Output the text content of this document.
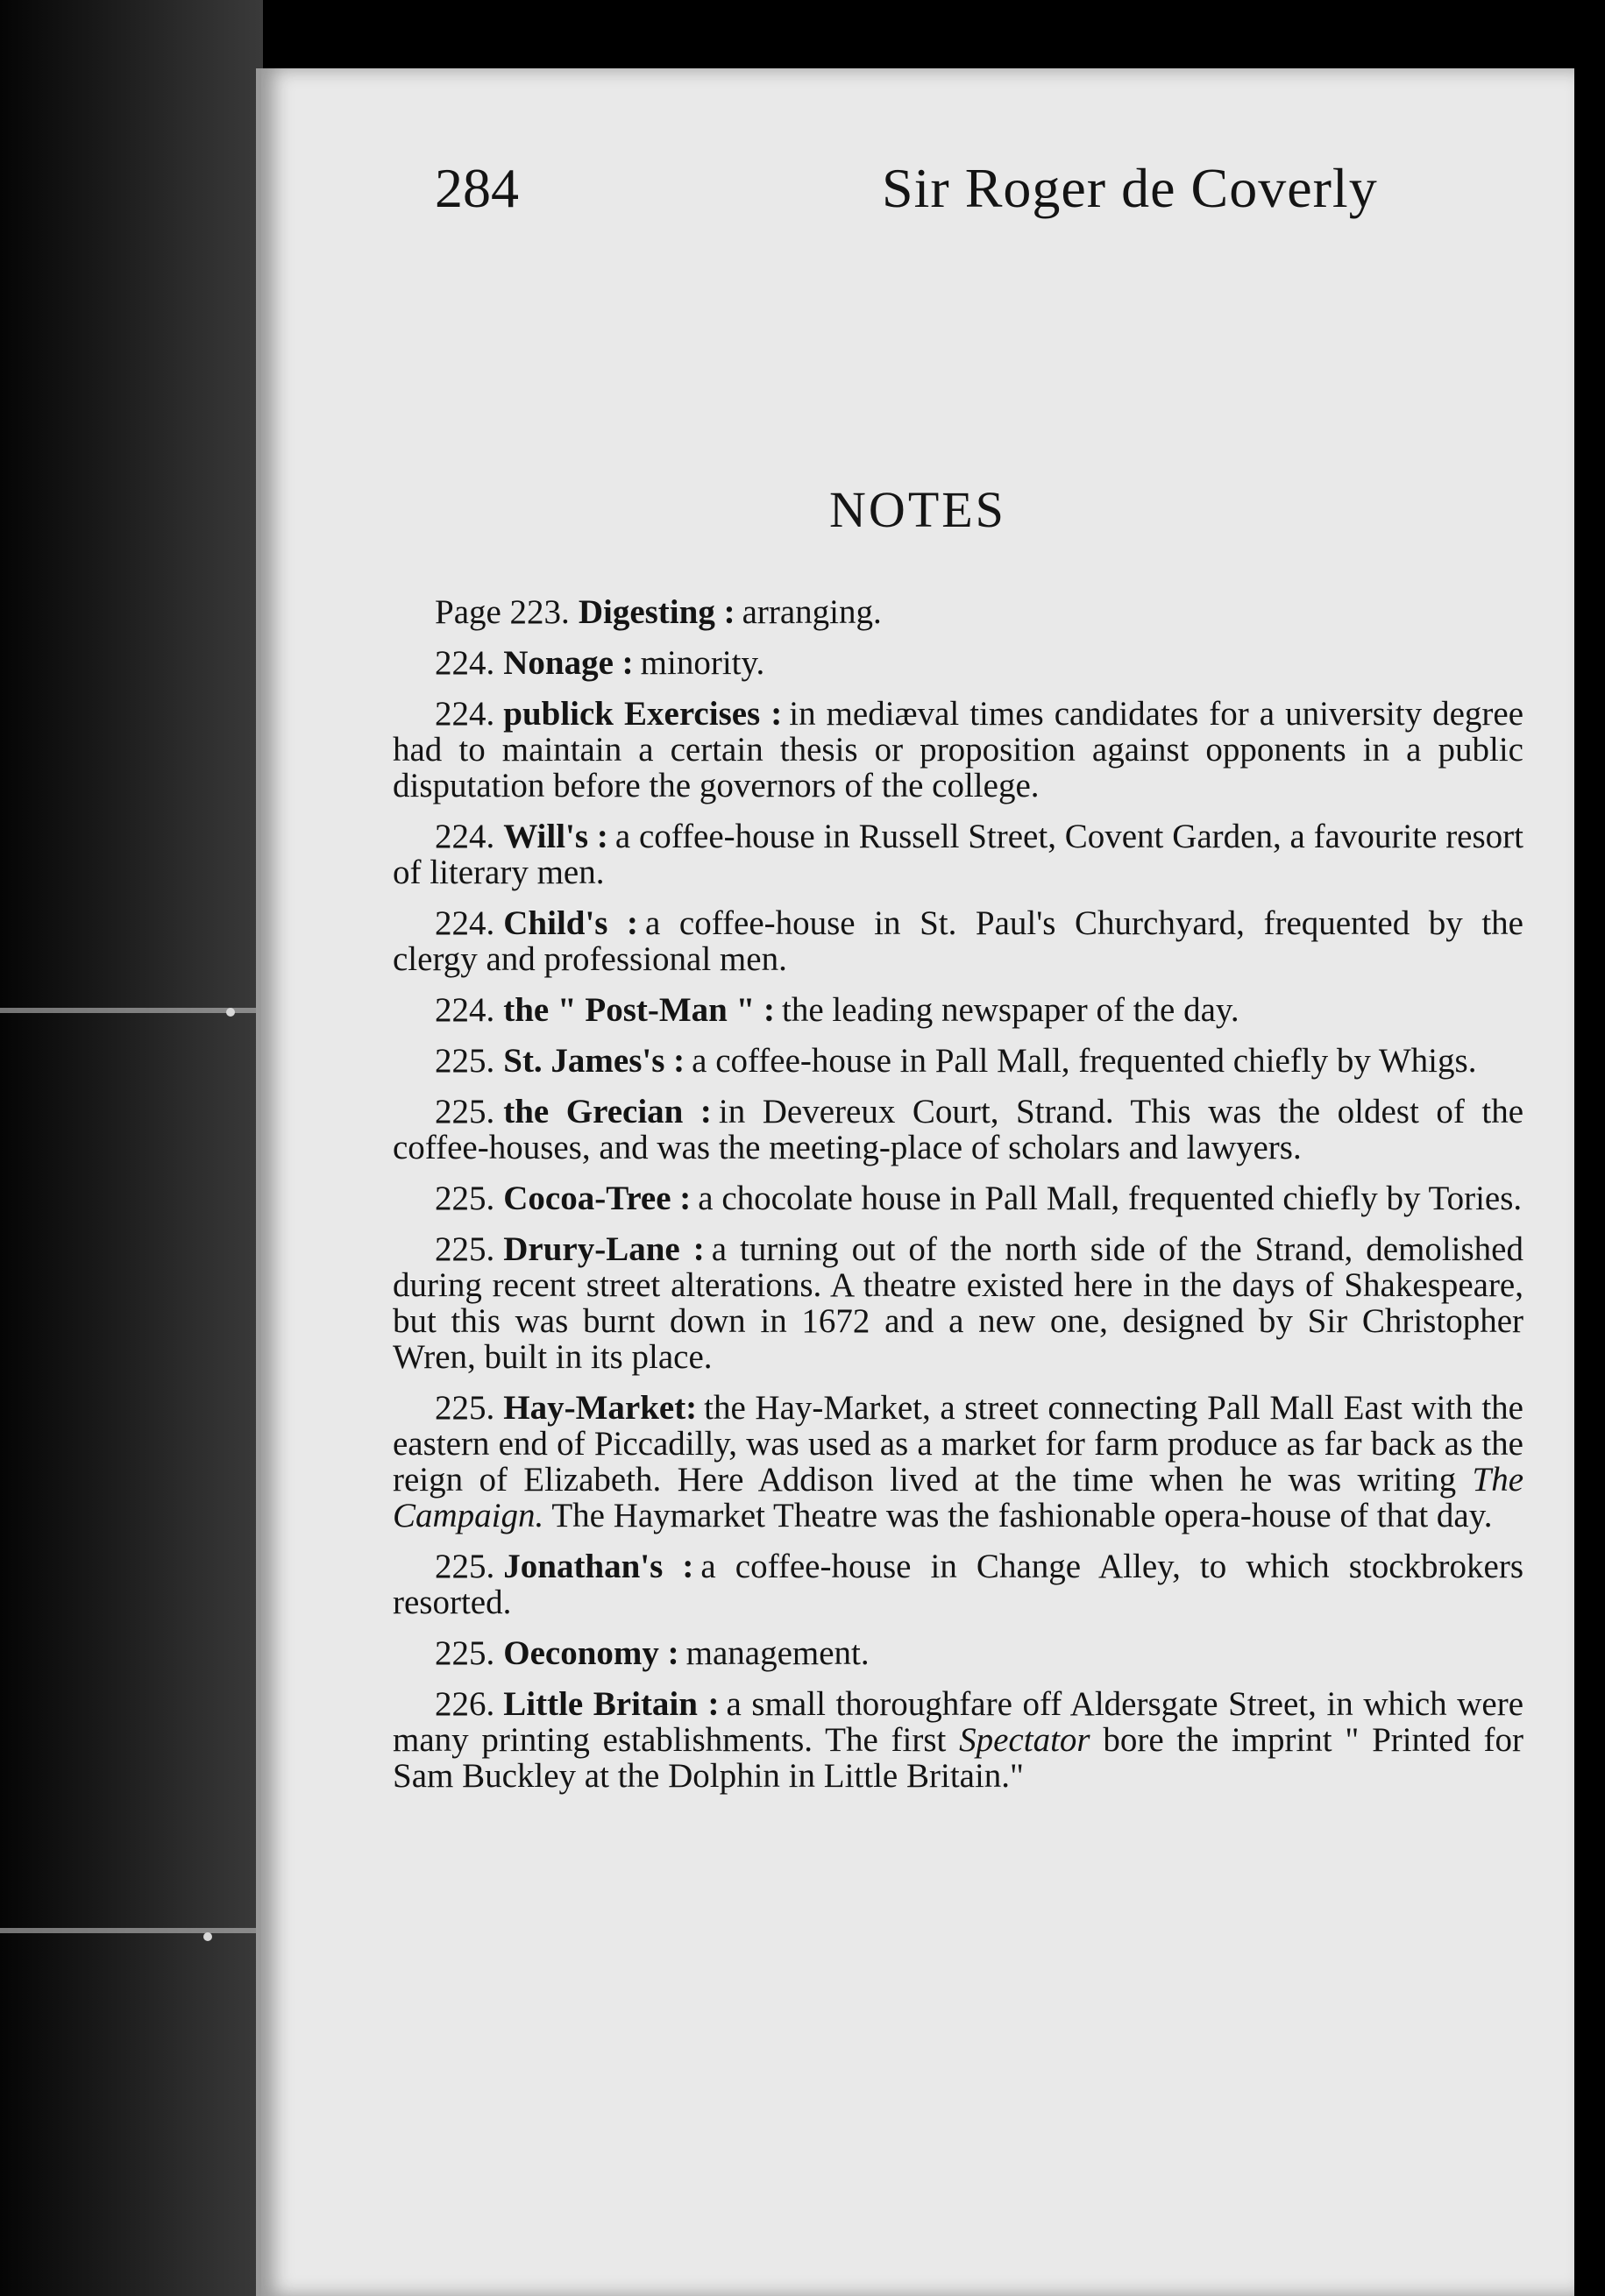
284	Sir Roger de Coverly
NOTES

Page 223. Digesting : arranging.

224. Nonage : minority.

224. publick Exercises : in mediæval times candidates for a university degree had to maintain a certain thesis or proposition against opponents in a public disputation before the governors of the college.

224. Will's : a coffee-house in Russell Street, Covent Garden, a favourite resort of literary men.

224. Child's : a coffee-house in St. Paul's Churchyard, frequented by the clergy and professional men.

224. the " Post-Man " : the leading newspaper of the day.

225. St. James's : a coffee-house in Pall Mall, frequented chiefly by Whigs.

225. the Grecian : in Devereux Court, Strand. This was the oldest of the coffee-houses, and was the meeting-place of scholars and lawyers.

225. Cocoa-Tree : a chocolate house in Pall Mall, frequented chiefly by Tories.

225. Drury-Lane : a turning out of the north side of the Strand, demolished during recent street alterations. A theatre existed here in the days of Shakespeare, but this was burnt down in 1672 and a new one, designed by Sir Christopher Wren, built in its place.

225. Hay-Market: the Hay-Market, a street connecting Pall Mall East with the eastern end of Piccadilly, was used as a market for farm produce as far back as the reign of Elizabeth. Here Addison lived at the time when he was writing The Campaign. The Haymarket Theatre was the fashionable opera-house of that day.

225. Jonathan's : a coffee-house in Change Alley, to which stockbrokers resorted.

225. Oeconomy : management.

226. Little Britain : a small thoroughfare off Aldersgate Street, in which were many printing establishments. The first Spectator bore the imprint " Printed for Sam Buckley at the Dolphin in Little Britain."
